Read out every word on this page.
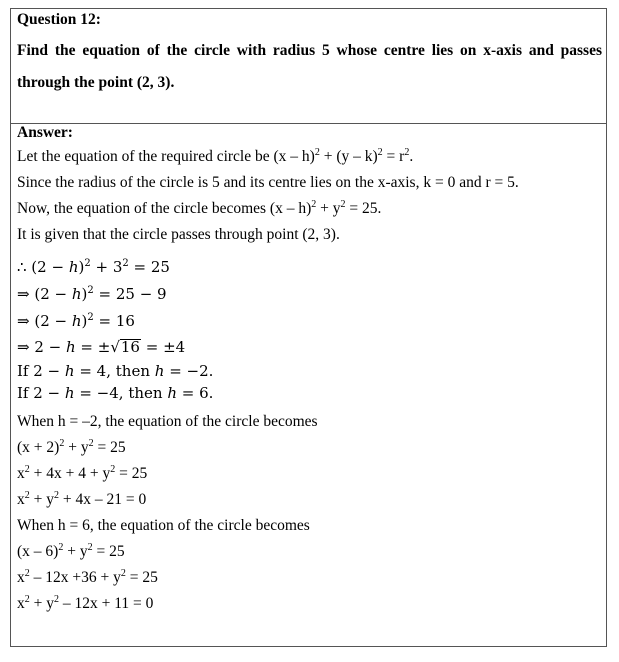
Question 12:
Find the equation of the circle with radius 5 whose centre lies on x-axis and passes through the point (2, 3).
Answer:
Let the equation of the required circle be $(x - h)^2 + (y - k)^2 = r^2$.
Since the radius of the circle is 5 and its centre lies on the x-axis, k = 0 and r = 5.
Now, the equation of the circle becomes $(x - h)^2 + y^2 = 25$.
It is given that the circle passes through point (2, 3).
∴ $(2 - h)^2 + 3^2 = 25$
⇒ $(2 - h)^2 = 25 - 9$
⇒ $(2 - h)^2 = 16$
⇒ 2 − h = ±√16 = ±4
If 2 − h = 4, then h = −2.
If 2 − h = −4, then h = 6.
When h = –2, the equation of the circle becomes
$(x + 2)^2 + y^2 = 25$
$x^2 + 4x + 4 + y^2 = 25$
$x^2 + y^2 + 4x - 21 = 0$
When h = 6, the equation of the circle becomes
$(x - 6)^2 + y^2 = 25$
$x^2 - 12x +36 + y^2 = 25$
$x^2 + y^2 - 12x + 11 = 0$
